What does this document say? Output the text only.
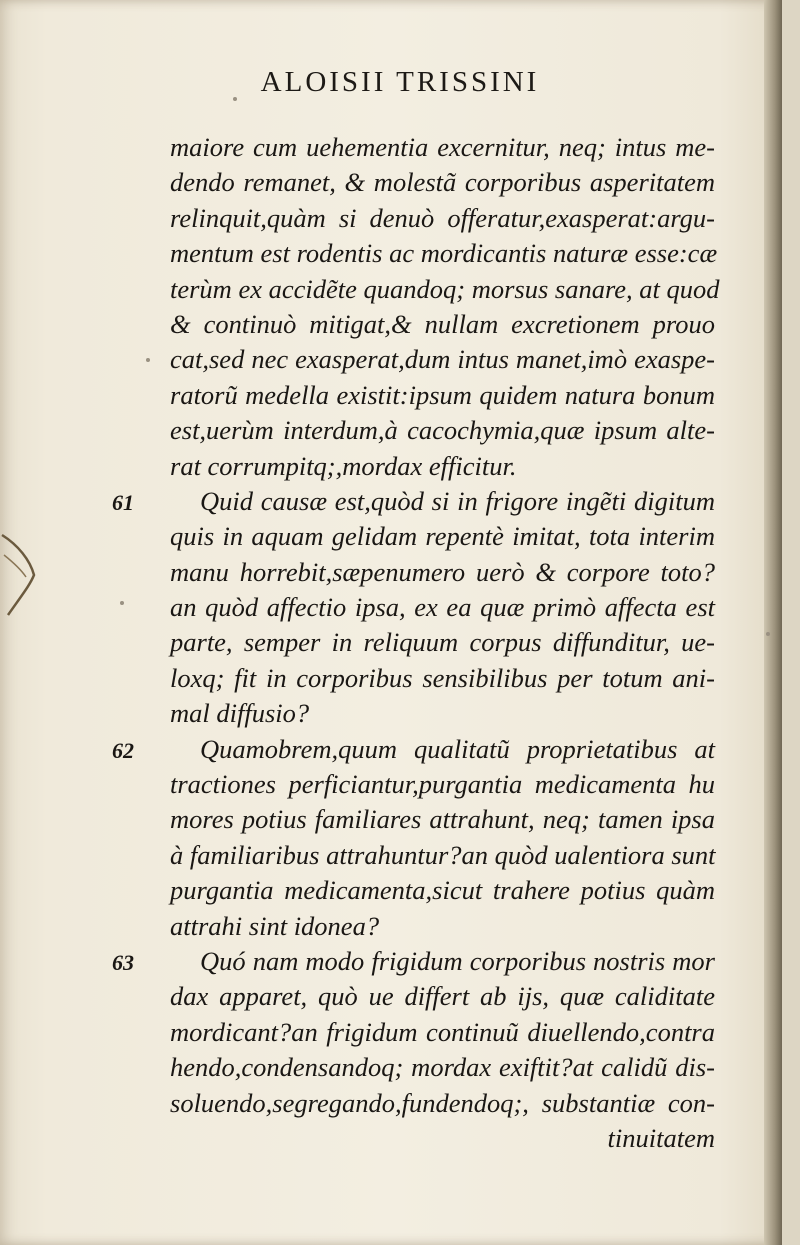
ALOISII TRISSINI
61
62
63
maiore cum uehementia excernitur, neq; intus me-
dendo remanet, & molestã corporibus asperitatem
relinquit,quàm si denuò offeratur,exasperat:argu-
mentum est rodentis ac mordicantis naturæ esse:cæ
terùm ex accidẽte quandoq; morsus sanare, at quod
& continuò mitigat,& nullam excretionem prouo
cat,sed nec exasperat,dum intus manet,imò exaspe-
ratorũ medella existit:ipsum quidem natura bonum
est,uerùm interdum,à cacochymia,quæ ipsum alte-
rat corrumpitq;,mordax efficitur.
Quid causæ est,quòd si in frigore ingẽti digitum
quis in aquam gelidam repentè imitat, tota interim
manu horrebit,sæpenumero uerò & corpore toto?
an quòd affectio ipsa, ex ea quæ primò affecta est
parte, semper in reliquum corpus diffunditur, ue-
loxq; fit in corporibus sensibilibus per totum ani-
mal diffusio?
Quamobrem,quum qualitatũ proprietatibus at
tractiones perficiantur,purgantia medicamenta hu
mores potius familiares attrahunt, neq; tamen ipsa
à familiaribus attrahuntur?an quòd ualentiora sunt
purgantia medicamenta,sicut trahere potius quàm
attrahi sint idonea?
Quó nam modo frigidum corporibus nostris mor
dax apparet, quò ue differt ab ijs, quæ caliditate
mordicant?an frigidum continuũ diuellendo,contra
hendo,condensandoq; mordax exiftit?at calidũ dis-
soluendo,segregando,fundendoq;, substantiæ con-
tinuitatem
